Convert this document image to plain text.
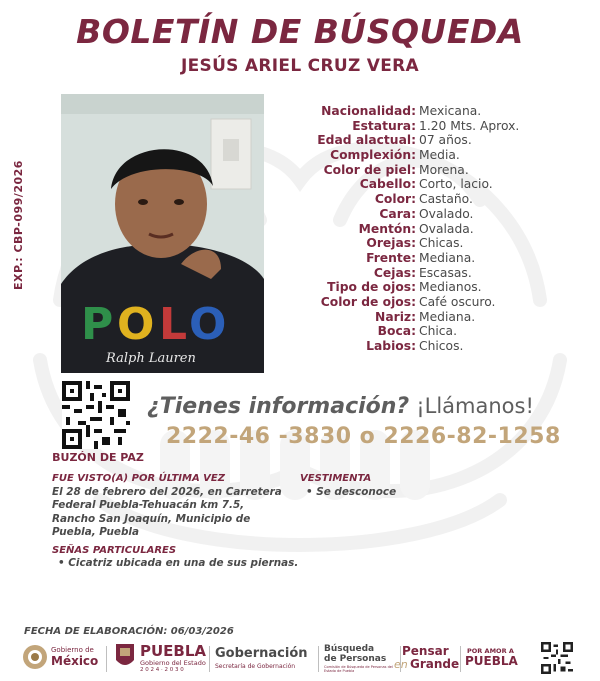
BOLETÍN DE BÚSQUEDA
JESÚS ARIEL CRUZ VERA
EXP.: CBP-099/2026
P O L O
Ralph Lauren
Nacionalidad: Mexicana.
Estatura: 1.20 Mts. Aprox.
Edad alactual: 07 años.
Complexión: Media.
Color de piel: Morena.
Cabello: Corto, lacio.
Color: Castaño.
Cara: Ovalado.
Mentón: Ovalada.
Orejas: Chicas.
Frente: Mediana.
Cejas: Escasas.
Tipo de ojos: Medianos.
Color de ojos: Café oscuro.
Nariz: Mediana.
Boca: Chica.
Labios: Chicos.
BUZÓN DE PAZ
¿Tienes información? ¡Llámanos!
2222-46 -3830 o 2226-82-1258
FUE VISTO(A) POR ÚLTIMA VEZ
El 28 de febrero del 2026, en Carretera
Federal Puebla-Tehuacán km 7.5,
Rancho San Joaquín, Municipio de
Puebla, Puebla
VESTIMENTA
• Se desconoce
SEÑAS PARTICULARES
• Cicatriz ubicada en una de sus piernas.
FECHA DE ELABORACIÓN: 06/03/2026
Gobierno de
México
PUEBLA
Gobierno del Estado
2 0 2 4 · 2 0 3 0
Gobernación
Secretaría de Gobernación
Búsqueda
de Personas
Comisión de Búsqueda de Personas del Estado de Puebla
Pensar
en Grande
POR AMOR A
PUEBLA
